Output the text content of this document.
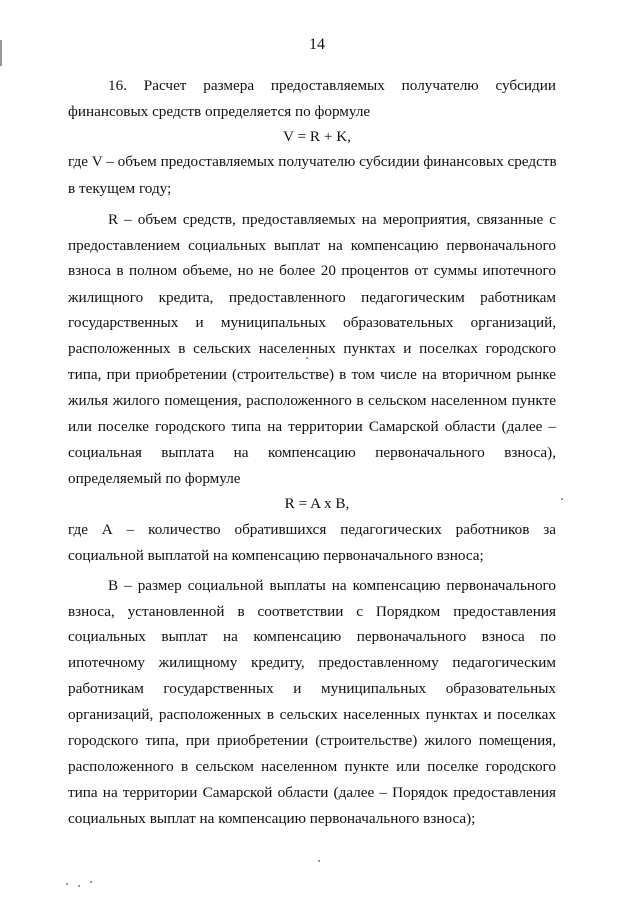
14
16. Расчет размера предоставляемых получателю субсидии
финансовых средств определяется по формуле
V = R + K,
где V – объем предоставляемых получателю субсидии финансовых средств
в текущем году;
R – объем средств, предоставляемых на мероприятия, связанные с
предоставлением социальных выплат на компенсацию первоначального
взноса в полном объеме, но не более 20 процентов от суммы ипотечного
жилищного кредита, предоставленного педагогическим работникам
государственных и муниципальных образовательных организаций,
расположенных в сельских населенных пунктах и поселках городского
типа, при приобретении (строительстве) в том числе на вторичном рынке
жилья жилого помещения, расположенного в сельском населенном пункте
или поселке городского типа на территории Самарской области (далее –
социальная выплата на компенсацию первоначального взноса),
определяемый по формуле
R = A x B,
где А – количество обратившихся педагогических работников за
социальной выплатой на компенсацию первоначального взноса;
В – размер социальной выплаты на компенсацию первоначального
взноса, установленной в соответствии с Порядком предоставления
социальных выплат на компенсацию первоначального взноса по
ипотечному жилищному кредиту, предоставленному педагогическим
работникам государственных и муниципальных образовательных
организаций, расположенных в сельских населенных пунктах и поселках
городского типа, при приобретении (строительстве) жилого помещения,
расположенного в сельском населенном пункте или поселке городского
типа на территории Самарской области (далее – Порядок предоставления
социальных выплат на компенсацию первоначального взноса);
